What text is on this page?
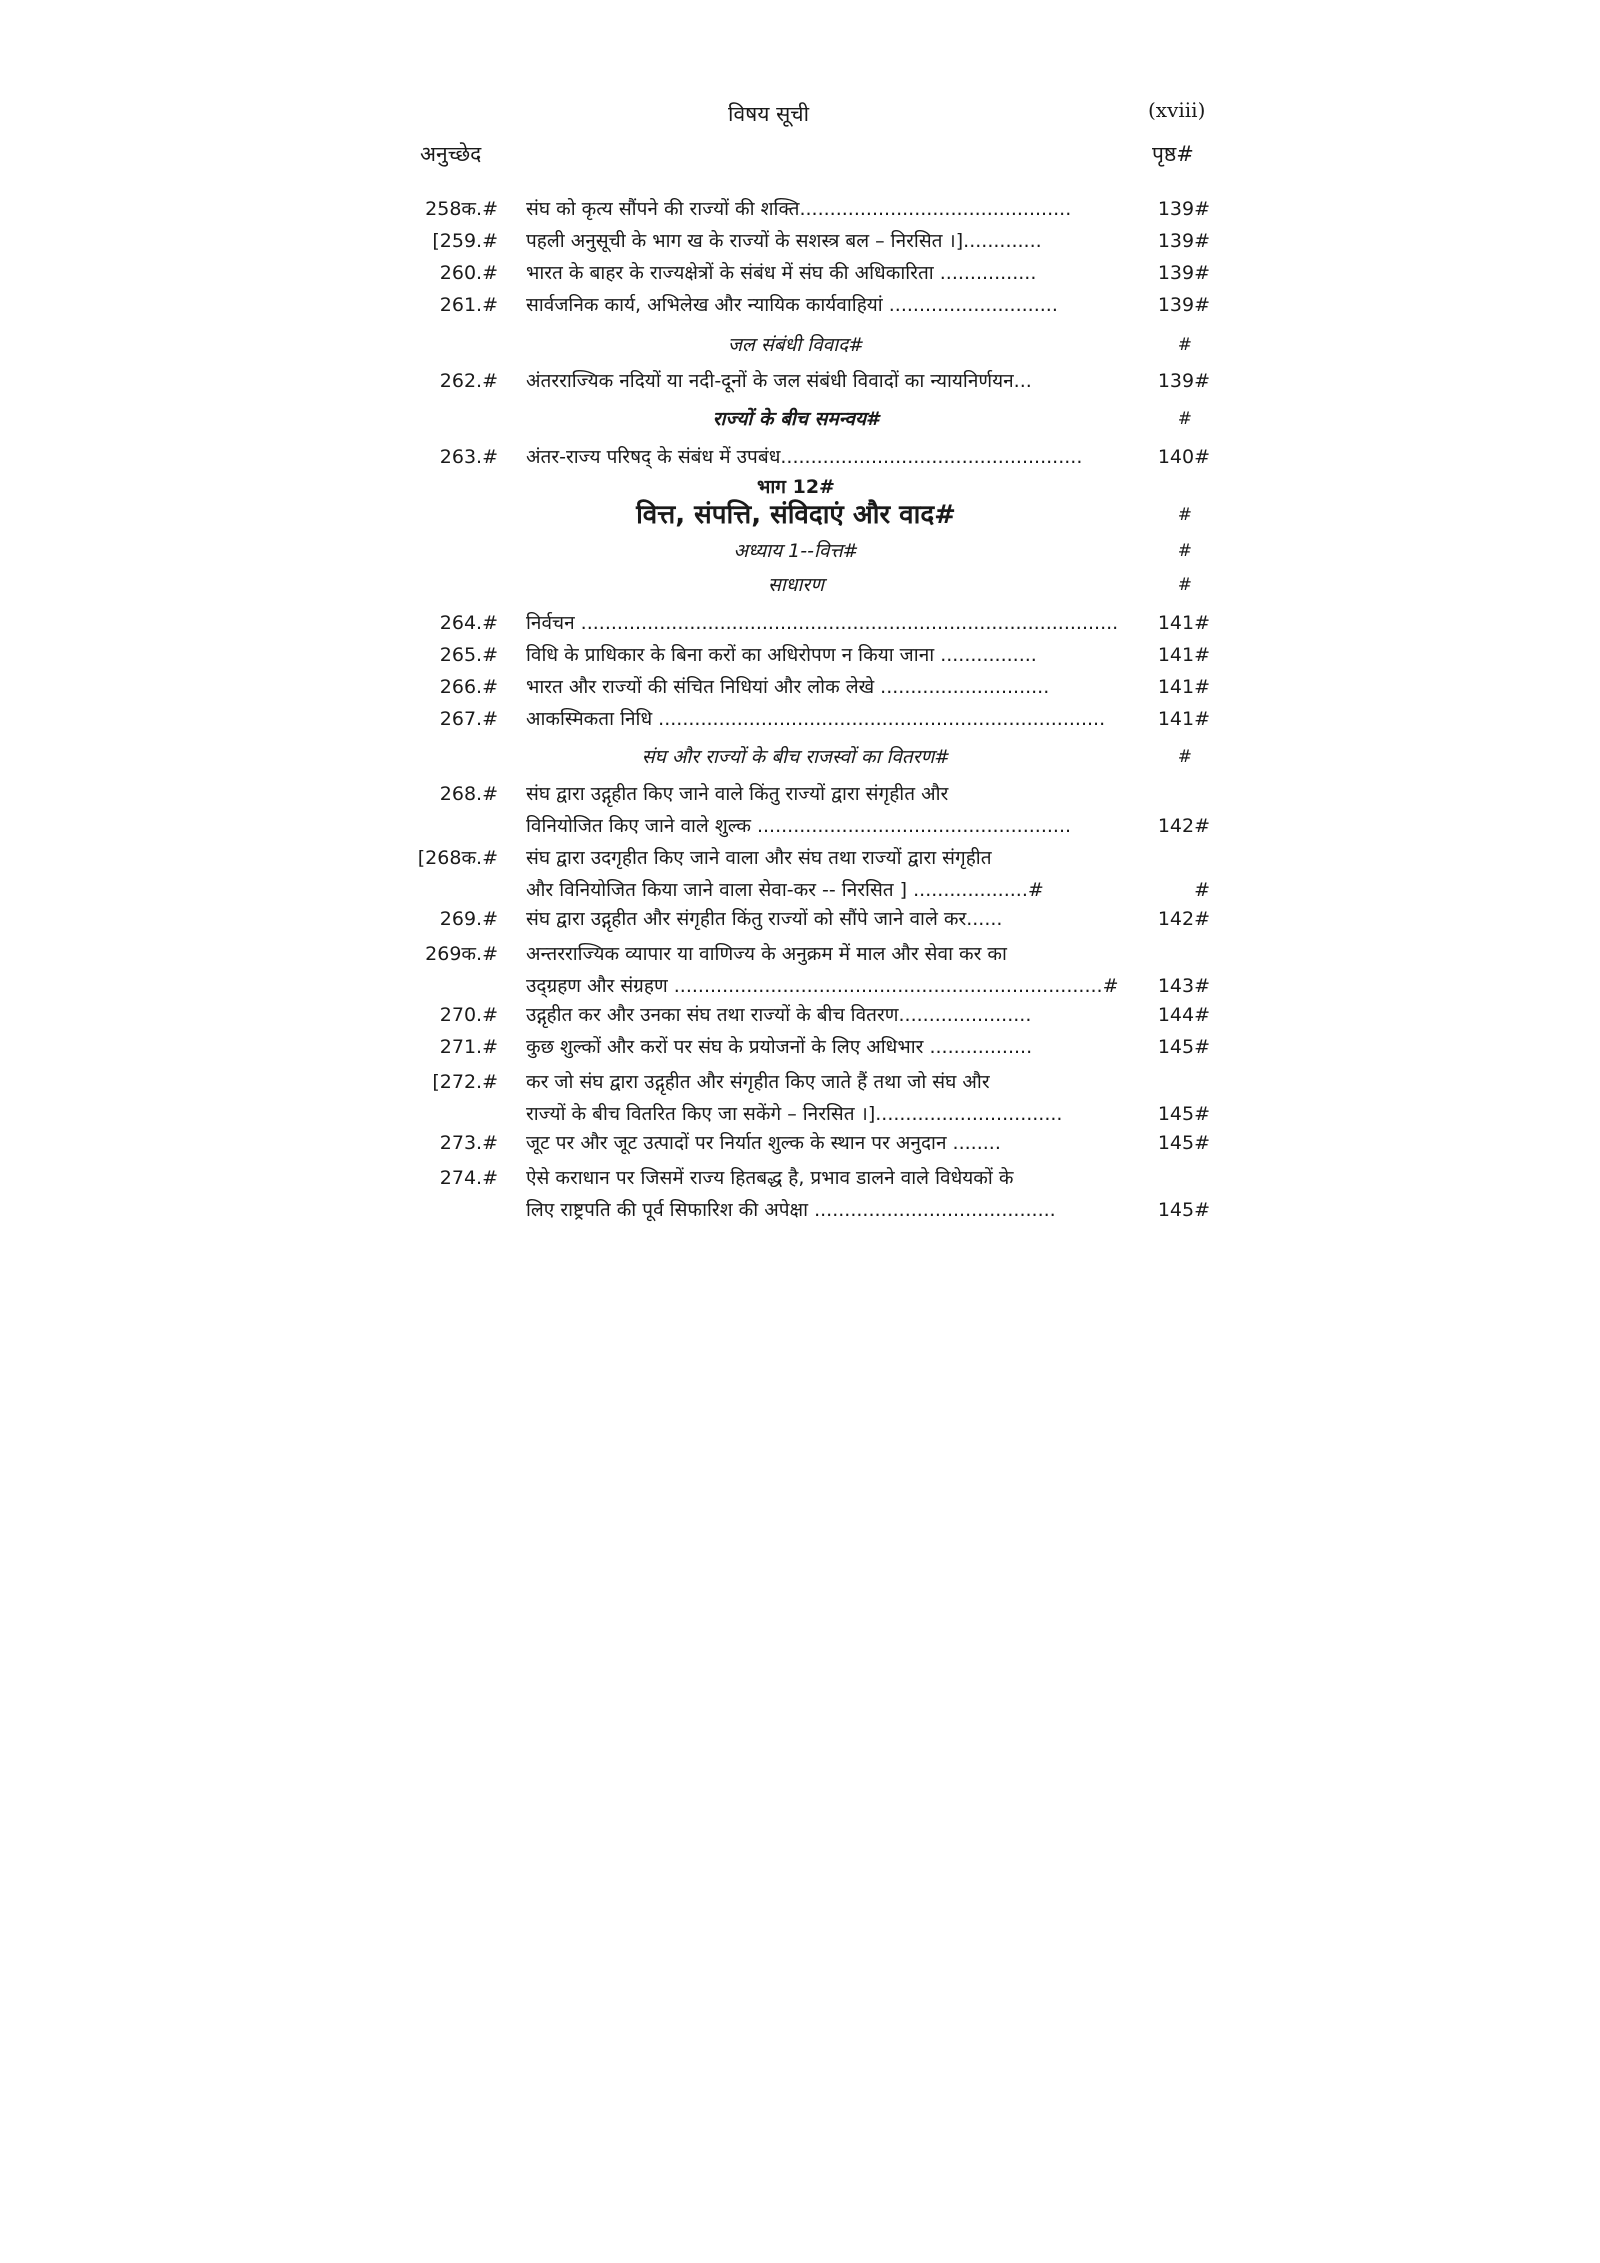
(xviii)
विषय सूची
अनुच्छेद	पृष्ठ#
258क.# संघ को कृत्य सौंपने की राज्यों की शक्ति.............................................	139#
[259.# पहली अनुसूची के भाग ख के राज्यों के सशस्त्र बल – निरसित ।].............	139#
260.# भारत के बाहर के राज्यक्षेत्रों के संबंध में संघ की अधिकारिता ................	139#
261.# सार्वजनिक कार्य, अभिलेख और न्यायिक कार्यवाहियां ............................	139#
जल संबंधी विवाद#	#
262.# अंतरराज्यिक नदियों या नदी-दूनों के जल संबंधी विवादों का न्यायनिर्णयन...	139#
राज्यों के बीच समन्वय#	#
263.# अंतर-राज्य परिषद् के संबंध में उपबंध..................................................	140#
भाग 12#
वित्त, संपत्ति, संविदाएं और वाद#	#
अध्याय 1--वित्त#	#
साधारण	#
264.# निर्वचन .........................................................................................	141#
265.# विधि के प्राधिकार के बिना करों का अधिरोपण न किया जाना ................	141#
266.# भारत और राज्यों की संचित निधियां और लोक लेखे ............................	141#
267.# आकस्मिकता निधि ..........................................................................	141#
संघ और राज्यों के बीच राजस्वों का वितरण#	#
268.# संघ द्वारा उद्गृहीत किए जाने वाले किंतु राज्यों द्वारा संगृहीत और
विनियोजित किए जाने वाले शुल्क ....................................................	142#
[268क.# संघ द्वारा उदगृहीत किए जाने वाला और संघ तथा राज्यों द्वारा संगृहीत
और विनियोजित किया जाने वाला सेवा-कर -- निरसित ] ...................#	#
269.# संघ द्वारा उद्गृहीत और संगृहीत किंतु राज्यों को सौंपे जाने वाले कर......	142#
269क.# अन्तरराज्यिक व्यापार या वाणिज्य के अनुक्रम में माल और सेवा कर का
उद्ग्रहण और संग्रहण .......................................................................#	143#
270.# उद्गृहीत कर और उनका संघ तथा राज्यों के बीच वितरण......................	144#
271.# कुछ शुल्कों और करों पर संघ के प्रयोजनों के लिए अधिभार .................	145#
[272.# कर जो संघ द्वारा उद्गृहीत और संगृहीत किए जाते हैं तथा जो संघ और
राज्यों के बीच वितरित किए जा सकेंगे – निरसित ।]...............................	145#
273.# जूट पर और जूट उत्पादों पर निर्यात शुल्क के स्थान पर अनुदान ........	145#
274.# ऐसे कराधान पर जिसमें राज्य हितबद्ध है, प्रभाव डालने वाले विधेयकों के
लिए राष्ट्रपति की पूर्व सिफारिश की अपेक्षा ........................................	145#
